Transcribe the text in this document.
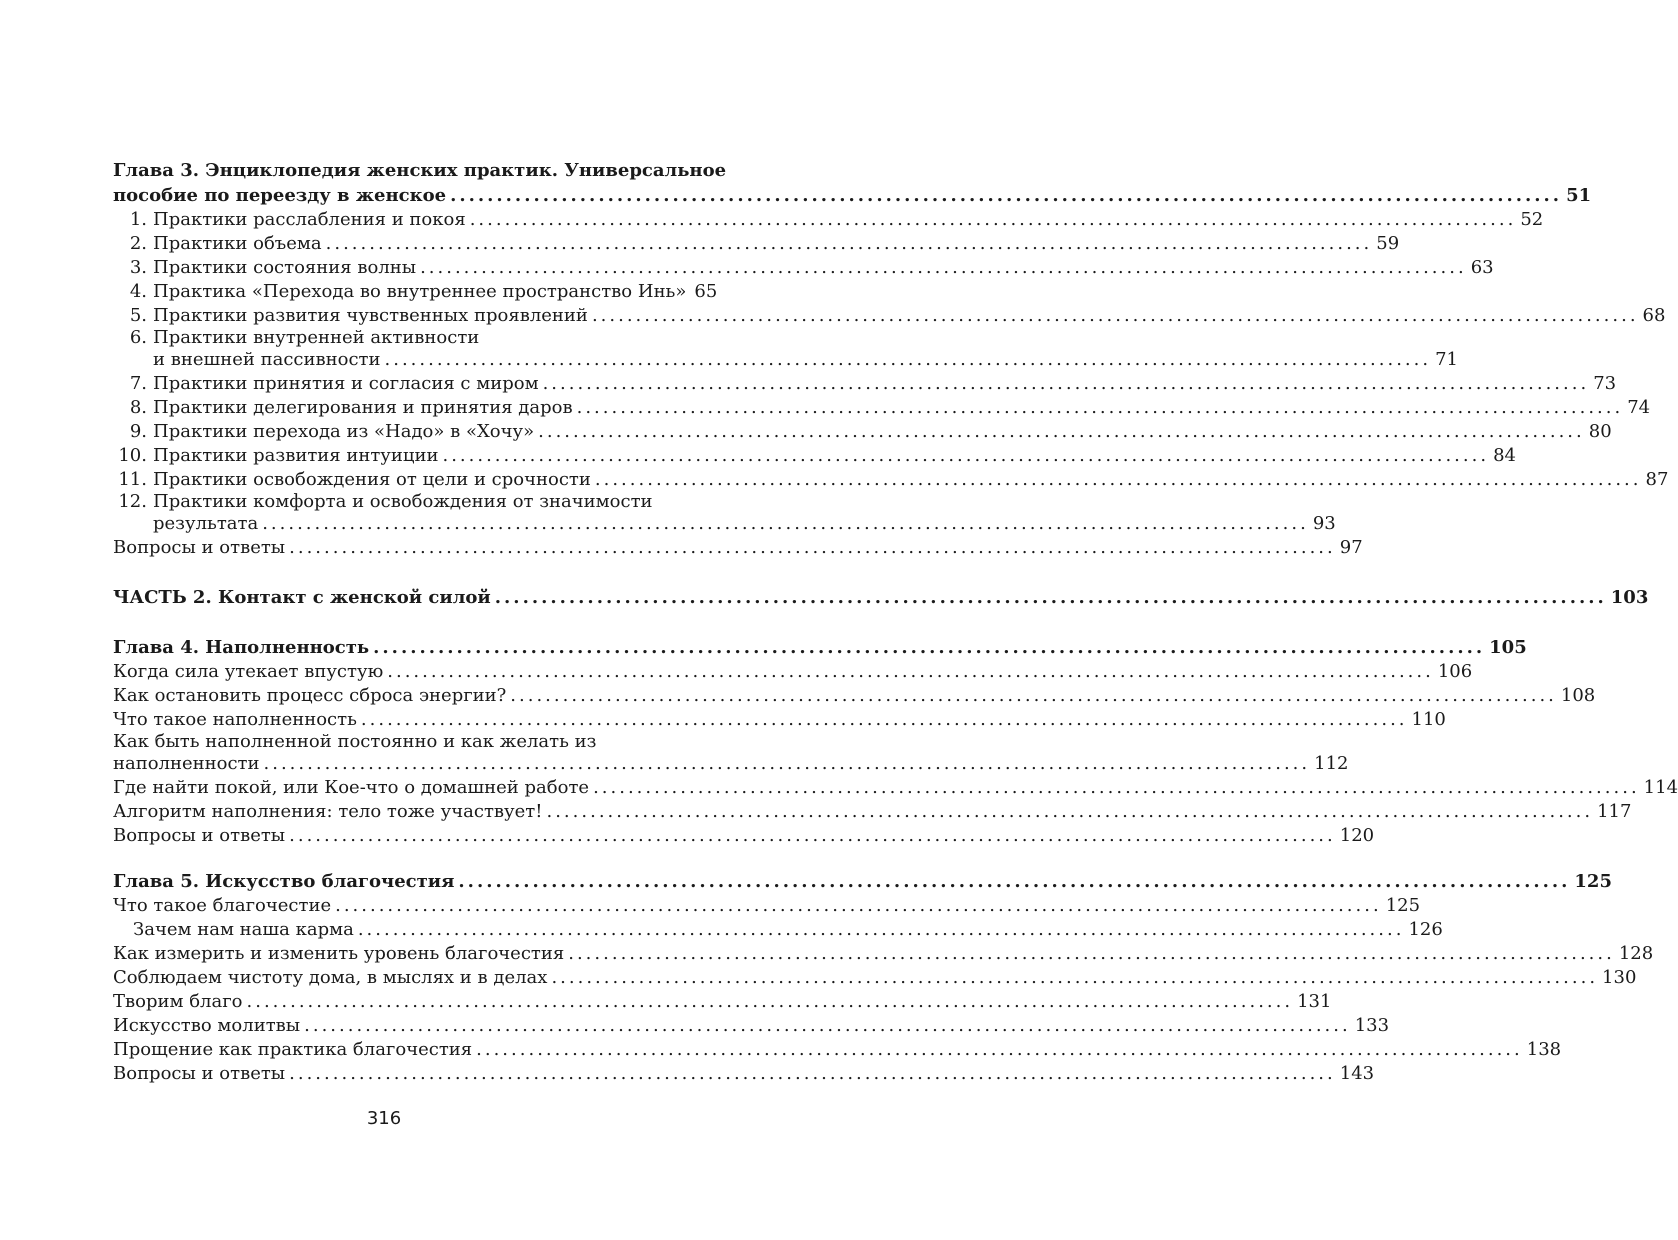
Глава 3. Энциклопедия женских практик. Универсальное
пособие по переезду в женское ........................................................................................................................ 51
1. Практики расслабления и покоя ........................................................................................................................ 52
2. Практики объема ........................................................................................................................ 59
3. Практики состояния волны ........................................................................................................................ 63
4. Практика «Перехода во внутреннее пространство Инь» 65
5. Практики развития чувственных проявлений ........................................................................................................................ 68
6. Практики внутренней активности
и внешней пассивности ........................................................................................................................ 71
7. Практики принятия и согласия с миром ........................................................................................................................ 73
8. Практики делегирования и принятия даров ........................................................................................................................ 74
9. Практики перехода из «Надо» в «Хочу» ........................................................................................................................ 80
10. Практики развития интуиции ........................................................................................................................ 84
11. Практики освобождения от цели и срочности ........................................................................................................................ 87
12. Практики комфорта и освобождения от значимости
результата ........................................................................................................................ 93
Вопросы и ответы ........................................................................................................................ 97
ЧАСТЬ 2. Контакт с женской силой ........................................................................................................................ 103
Глава 4. Наполненность ........................................................................................................................ 105
Когда сила утекает впустую ........................................................................................................................ 106
Как остановить процесс сброса энергии? ........................................................................................................................ 108
Что такое наполненность ........................................................................................................................ 110
Как быть наполненной постоянно и как желать из
наполненности ........................................................................................................................ 112
Где найти покой, или Кое-что о домашней работе ........................................................................................................................ 114
Алгоритм наполнения: тело тоже участвует! ........................................................................................................................ 117
Вопросы и ответы ........................................................................................................................ 120
Глава 5. Искусство благочестия ........................................................................................................................ 125
Что такое благочестие ........................................................................................................................ 125
Зачем нам наша карма ........................................................................................................................ 126
Как измерить и изменить уровень благочестия ........................................................................................................................ 128
Соблюдаем чистоту дома, в мыслях и в делах ........................................................................................................................ 130
Творим благо ........................................................................................................................ 131
Искусство молитвы ........................................................................................................................ 133
Прощение как практика благочестия ........................................................................................................................ 138
Вопросы и ответы ........................................................................................................................ 143
316
